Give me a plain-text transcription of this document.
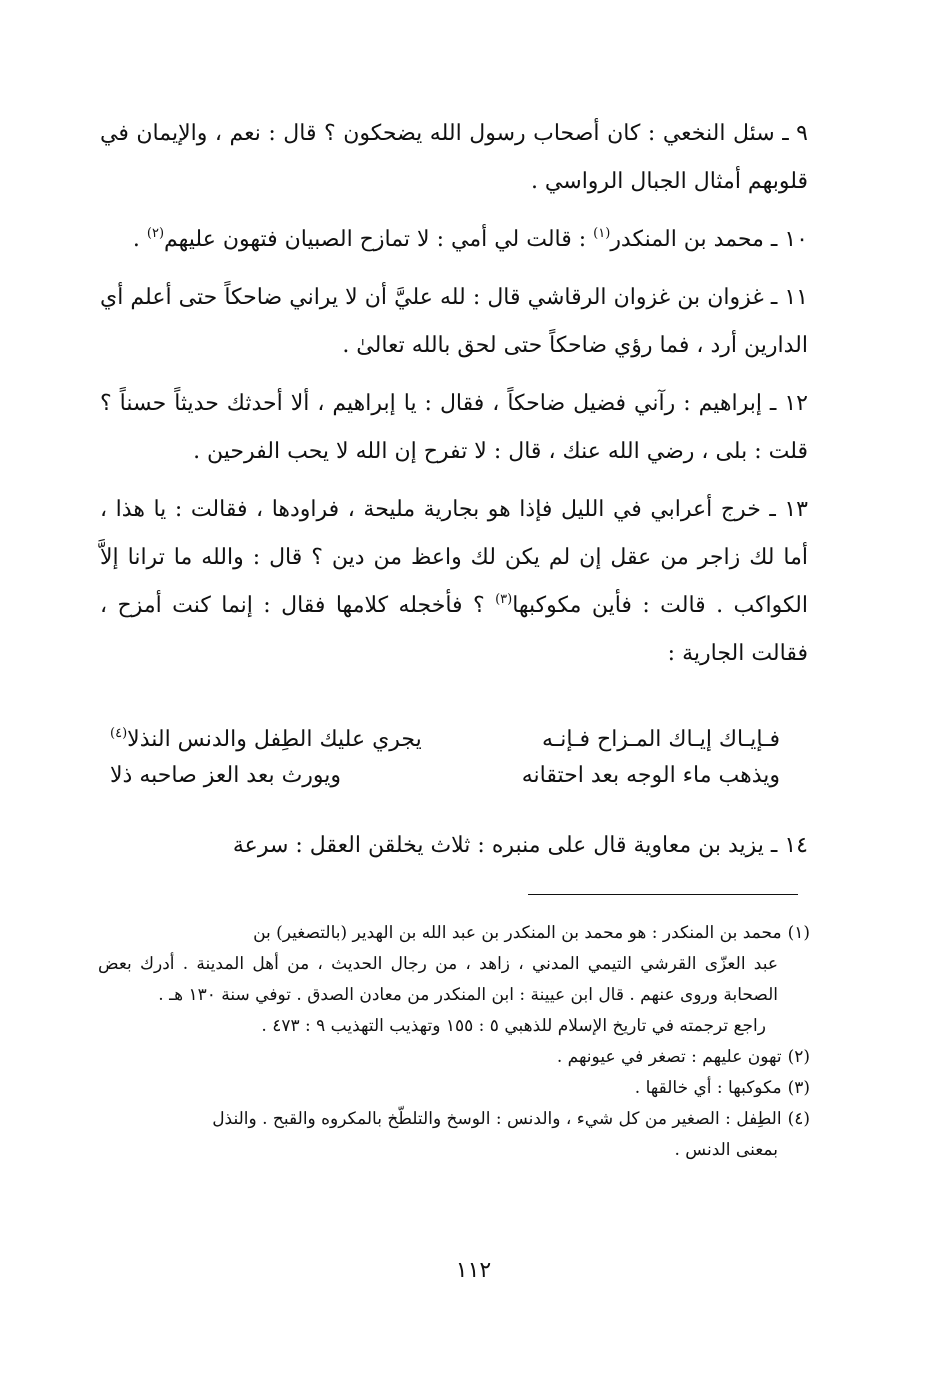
٩ ـ سئل النخعي : كان أصحاب رسول الله يضحكون ؟ قال : نعم ، والإيمان في قلوبهم أمثال الجبال الرواسي .

١٠ ـ محمد بن المنكدر$^{(١)}$ : قالت لي أمي : لا تمازح الصبيان فتهون عليهم$^{(٢)}$ .

١١ ـ غزوان بن غزوان الرقاشي قال : لله عليَّ أن لا يراني ضاحكاً حتى أعلم أي الدارين أرد ، فما رؤي ضاحكاً حتى لحق بالله تعالىٰ .

١٢ ـ إبراهيم : رآني فضيل ضاحكاً ، فقال : يا إبراهيم ، ألا أحدثك حديثاً حسناً ؟ قلت : بلى ، رضي الله عنك ، قال : لا تفرح إن الله لا يحب الفرحين .

١٣ ـ خرج أعرابي في الليل فإذا هو بجارية مليحة ، فراودها ، فقالت : يا هذا ، أما لك زاجر من عقل إن لم يكن لك واعظ من دين ؟ قال : والله ما ترانا إلاَّ الكواكب . قالت : فأين مكوكبها$^{(٣)}$ ؟ فأخجله كلامها فقال : إنما كنت أمزح ، فقالت الجارية :

فـإيـاك إيـاك المـزاح فـإنـه
يجري عليك الطِفل والدنس النذلا$^{(٤)}$
ويذهب ماء الوجه بعد احتقانه
ويورث بعد العز صاحبه ذلا
١٤ ـ يزيد بن معاوية قال على منبره : ثلاث يخلقن العقل : سرعة

(١)محمد بن المنكدر : هو محمد بن المنكدر بن عبد الله بن الهدير (بالتصغير) بن
عبد العزّى القرشي التيمي المدني ، زاهد ، من رجال الحديث ، من أهل المدينة . أدرك بعض الصحابة وروى عنهم . قال ابن عيينة : ابن المنكدر من معادن الصدق . توفي سنة ١٣٠ هـ .
راجع ترجمته في تاريخ الإسلام للذهبي ٥ : ١٥٥ وتهذيب التهذيب ٩ : ٤٧٣ .

(٢)تهون عليهم : تصغر في عيونهم .

(٣)مكوكبها : أي خالقها .

(٤)الطِفل : الصغير من كل شيء ، والدنس : الوسخ والتلطّخ بالمكروه والقبح . والنذل
بمعنى الدنس .

١١٢
